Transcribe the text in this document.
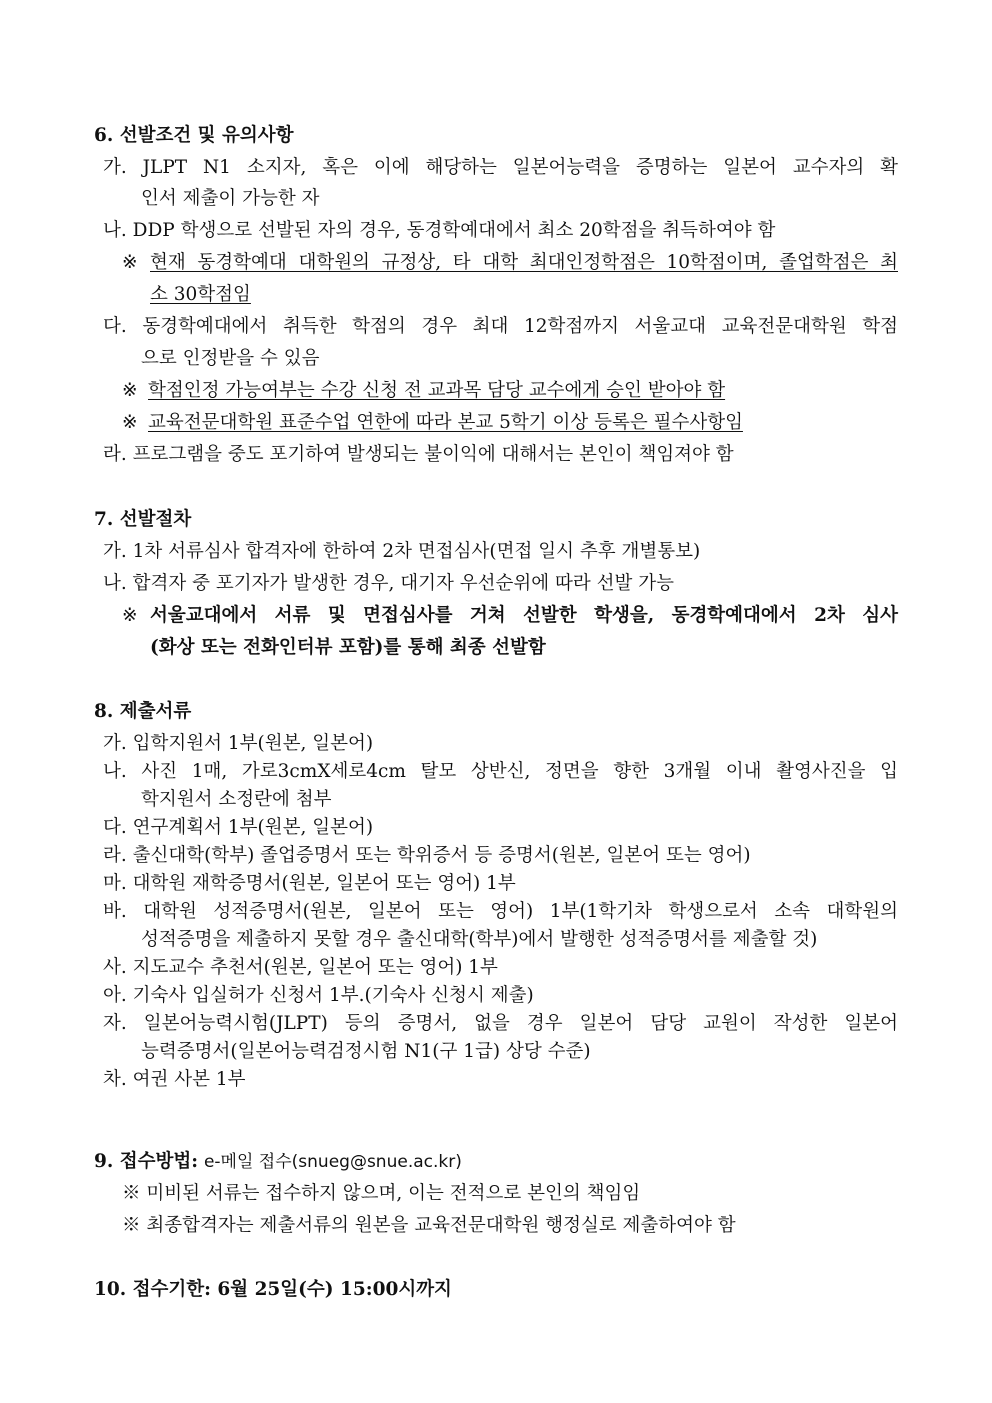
6. 선발조건 및 유의사항
가. JLPT N1 소지자, 혹은 이에 해당하는 일본어능력을 증명하는 일본어 교수자의 확
인서 제출이 가능한 자
나. DDP 학생으로 선발된 자의 경우, 동경학예대에서 최소 20학점을 취득하여야 함
※ 현재 동경학예대 대학원의 규정상, 타 대학 최대인정학점은 10학점이며, 졸업학점은 최
소 30학점임
다. 동경학예대에서 취득한 학점의 경우 최대 12학점까지 서울교대 교육전문대학원 학점
으로 인정받을 수 있음
※ 학점인정 가능여부는 수강 신청 전 교과목 담당 교수에게 승인 받아야 함
※ 교육전문대학원 표준수업 연한에 따라 본교 5학기 이상 등록은 필수사항임
라. 프로그램을 중도 포기하여 발생되는 불이익에 대해서는 본인이 책임져야 함
7. 선발절차
가. 1차 서류심사 합격자에 한하여 2차 면접심사(면접 일시 추후 개별통보)
나. 합격자 중 포기자가 발생한 경우, 대기자 우선순위에 따라 선발 가능
※ 서울교대에서 서류 및 면접심사를 거쳐 선발한 학생을, 동경학예대에서 2차 심사
(화상 또는 전화인터뷰 포함)를 통해 최종 선발함
8. 제출서류
가. 입학지원서 1부(원본, 일본어)
나. 사진 1매, 가로3cmX세로4cm 탈모 상반신, 정면을 향한 3개월 이내 촬영사진을 입
학지원서 소정란에 첨부
다. 연구계획서 1부(원본, 일본어)
라. 출신대학(학부) 졸업증명서 또는 학위증서 등 증명서(원본, 일본어 또는 영어)
마. 대학원 재학증명서(원본, 일본어 또는 영어) 1부
바. 대학원 성적증명서(원본, 일본어 또는 영어) 1부(1학기차 학생으로서 소속 대학원의
성적증명을 제출하지 못할 경우 출신대학(학부)에서 발행한 성적증명서를 제출할 것)
사. 지도교수 추천서(원본, 일본어 또는 영어) 1부
아. 기숙사 입실허가 신청서 1부.(기숙사 신청시 제출)
자. 일본어능력시험(JLPT) 등의 증명서, 없을 경우 일본어 담당 교원이 작성한 일본어
능력증명서(일본어능력검정시험 N1(구 1급) 상당 수준)
차. 여권 사본 1부
9. 접수방법: e-메일 접수(snueg@snue.ac.kr)
※ 미비된 서류는 접수하지 않으며, 이는 전적으로 본인의 책임임
※ 최종합격자는 제출서류의 원본을 교육전문대학원 행정실로 제출하여야 함
10. 접수기한: 6월 25일(수) 15:00시까지
